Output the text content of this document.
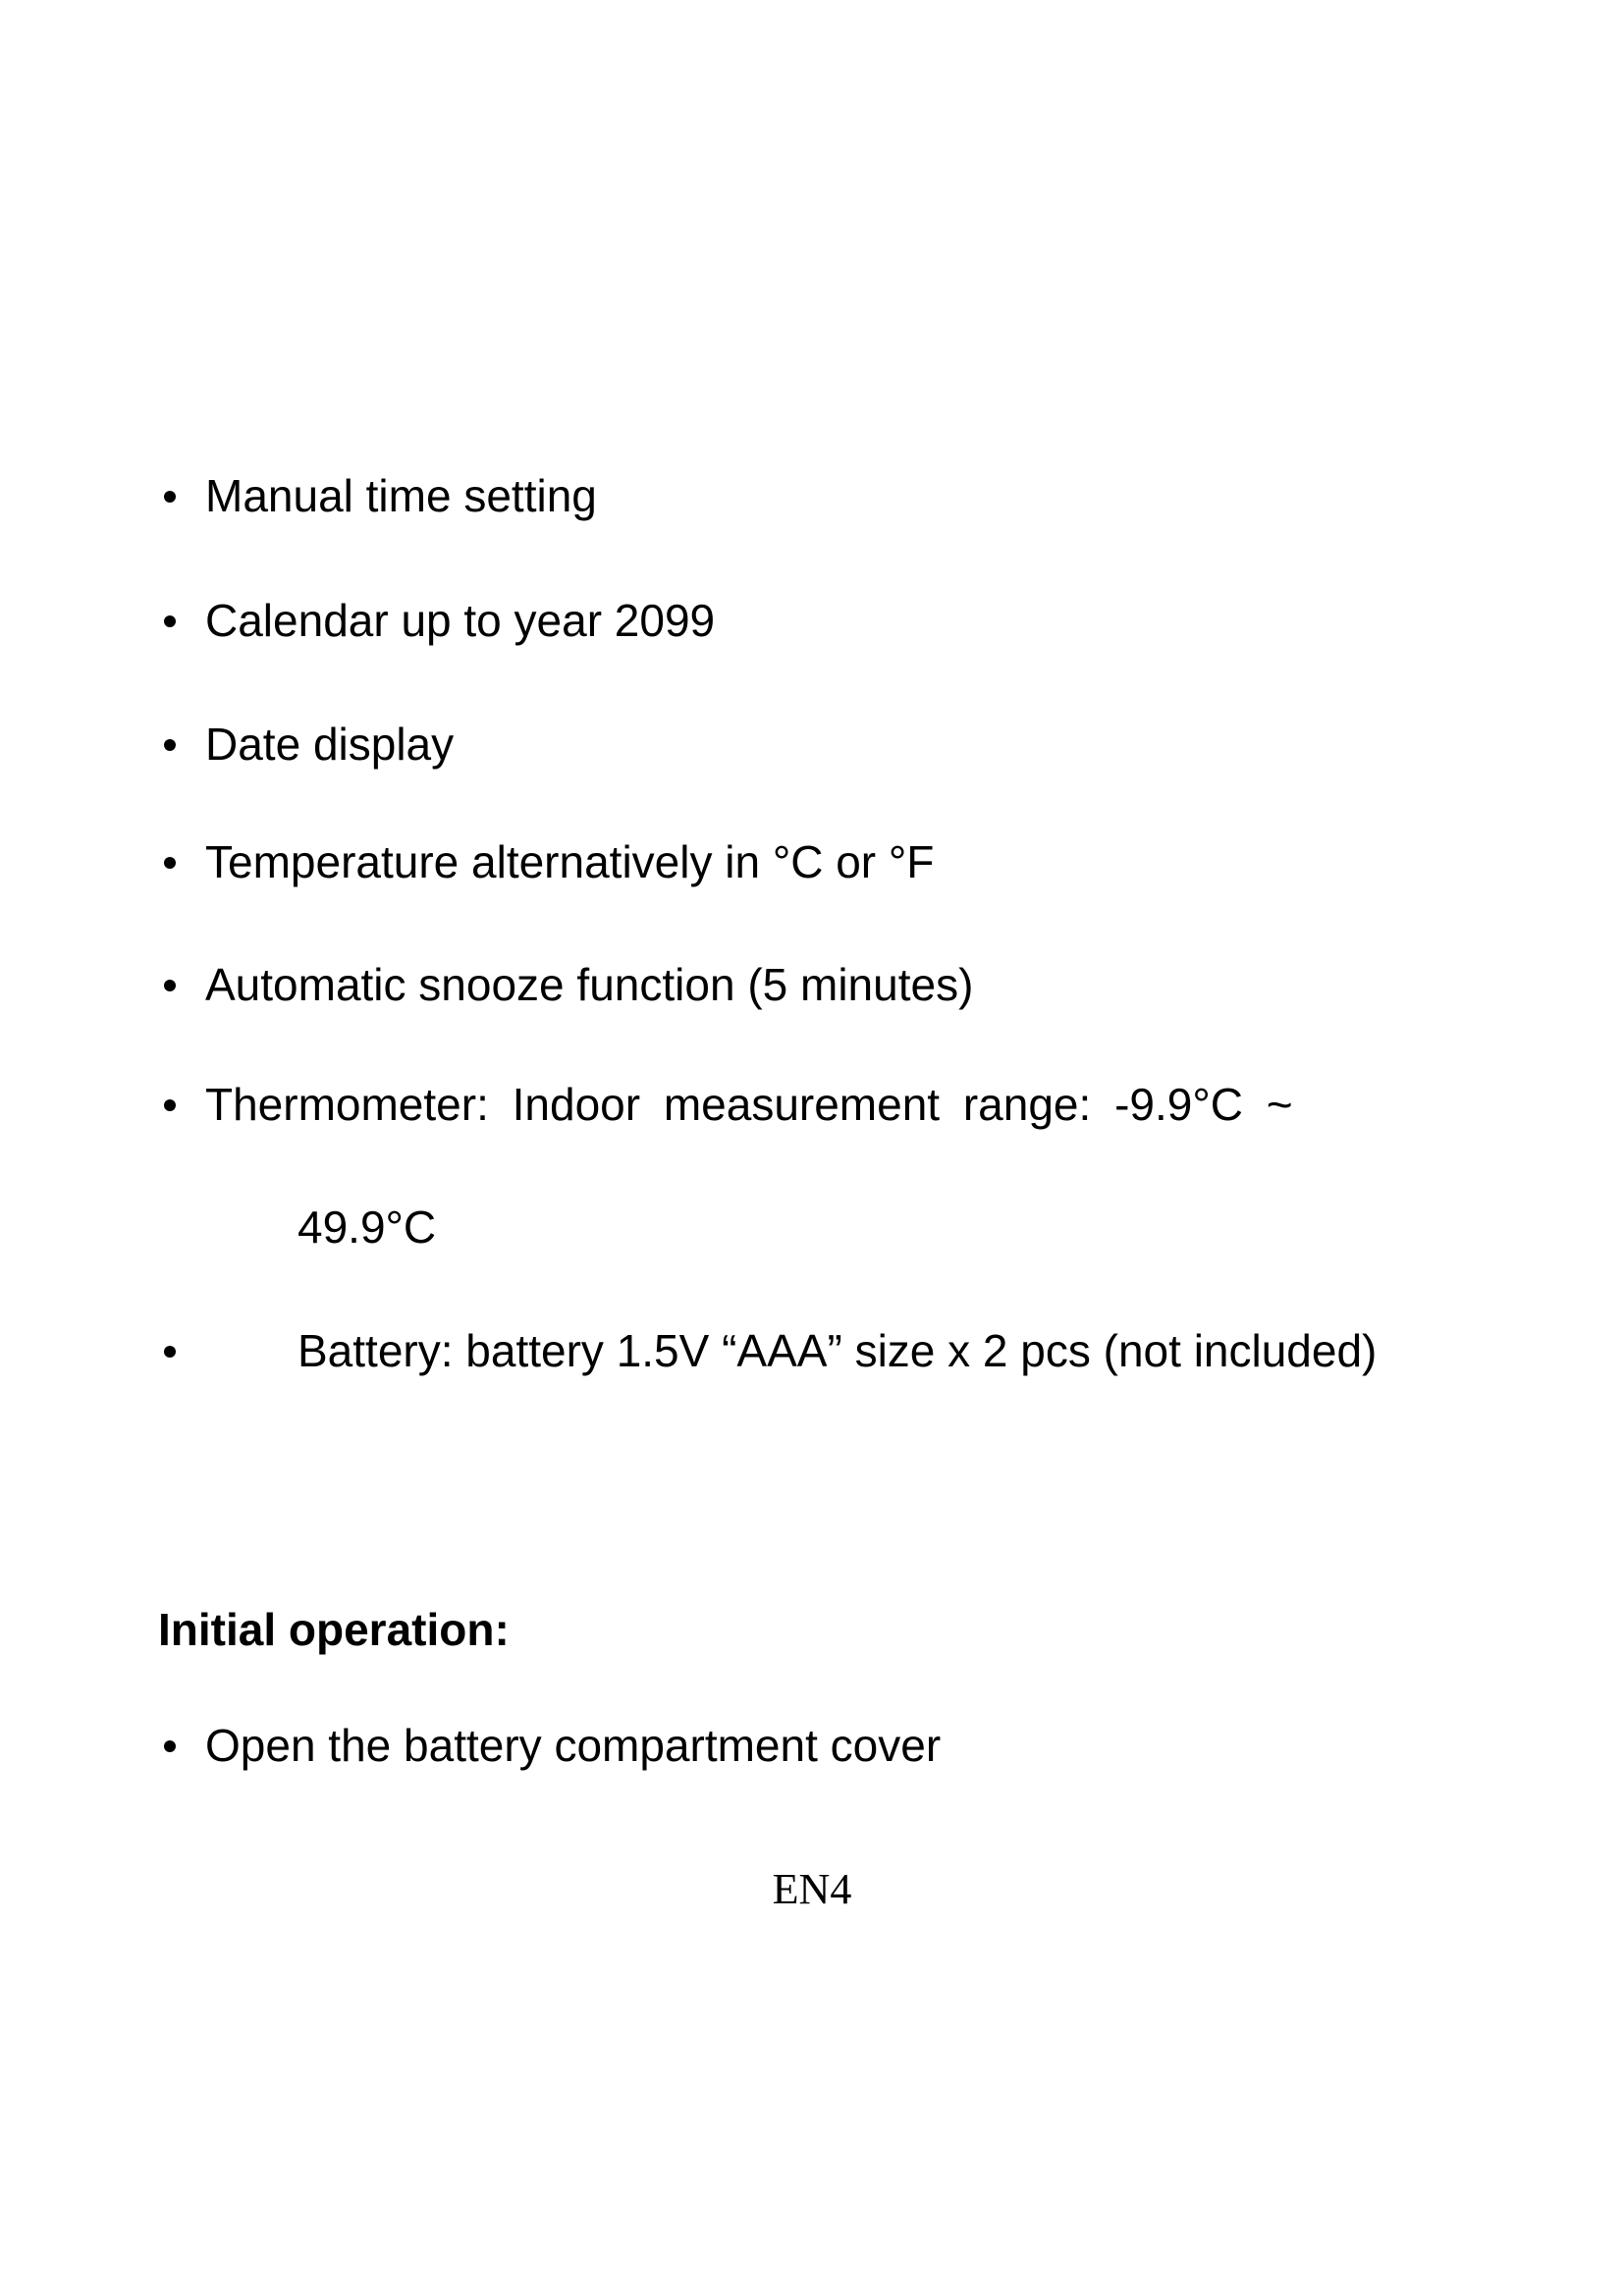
Manual time setting
Calendar up to year 2099
Date display
Temperature alternatively in °C or °F
Automatic snooze function (5 minutes)
Thermometer: Indoor measurement range: -9.9°C ~
49.9°C
Battery: battery 1.5V “AAA” size x 2 pcs (not included)
Initial operation:
Open the battery compartment cover
EN4
